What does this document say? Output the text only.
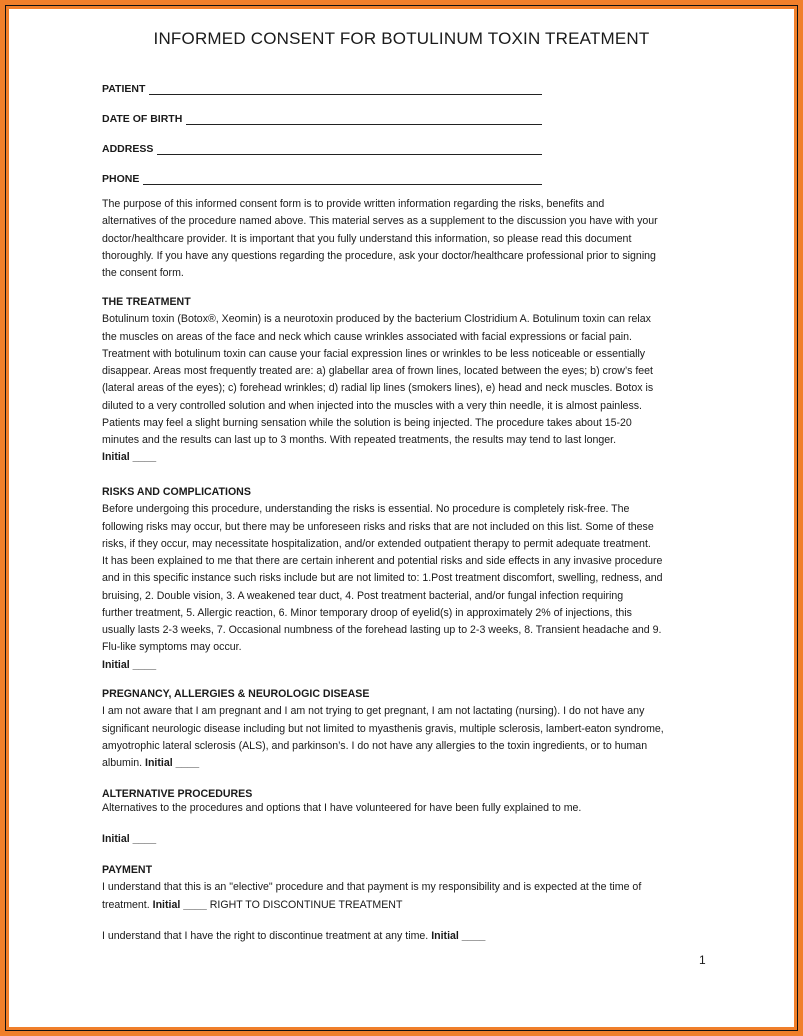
INFORMED CONSENT FOR BOTULINUM TOXIN TREATMENT
PATIENT
DATE OF BIRTH
ADDRESS
PHONE
The purpose of this informed consent form is to provide written information regarding the risks, benefits and
alternatives of the procedure named above. This material serves as a supplement to the discussion you have with your
doctor/healthcare provider. It is important that you fully understand this information, so please read this document
thoroughly. If you have any questions regarding the procedure, ask your doctor/healthcare professional prior to signing
the consent form.
THE TREATMENT
Botulinum toxin (Botox®, Xeomin) is a neurotoxin produced by the bacterium Clostridium A. Botulinum toxin can relax
the muscles on areas of the face and neck which cause wrinkles associated with facial expressions or facial pain.
Treatment with botulinum toxin can cause your facial expression lines or wrinkles to be less noticeable or essentially
disappear. Areas most frequently treated are: a) glabellar area of frown lines, located between the eyes; b) crow’s feet
(lateral areas of the eyes); c) forehead wrinkles; d) radial lip lines (smokers lines), e) head and neck muscles. Botox is
diluted to a very controlled solution and when injected into the muscles with a very thin needle, it is almost painless.
Patients may feel a slight burning sensation while the solution is being injected. The procedure takes about 15-20
minutes and the results can last up to 3 months. With repeated treatments, the results may tend to last longer.
Initial ____
RISKS AND COMPLICATIONS
Before undergoing this procedure, understanding the risks is essential. No procedure is completely risk-free. The
following risks may occur, but there may be unforeseen risks and risks that are not included on this list. Some of these
risks, if they occur, may necessitate hospitalization, and/or extended outpatient therapy to permit adequate treatment.
It has been explained to me that there are certain inherent and potential risks and side effects in any invasive procedure
and in this specific instance such risks include but are not limited to: 1.Post treatment discomfort, swelling, redness, and
bruising, 2. Double vision, 3. A weakened tear duct, 4. Post treatment bacterial, and/or fungal infection requiring
further treatment, 5. Allergic reaction, 6. Minor temporary droop of eyelid(s) in approximately 2% of injections, this
usually lasts 2-3 weeks, 7. Occasional numbness of the forehead lasting up to 2-3 weeks, 8. Transient headache and 9.
Flu-like symptoms may occur.
Initial ____
PREGNANCY, ALLERGIES & NEUROLOGIC DISEASE
I am not aware that I am pregnant and I am not trying to get pregnant, I am not lactating (nursing). I do not have any
significant neurologic disease including but not limited to myasthenis gravis, multiple sclerosis, lambert-eaton syndrome,
amyotrophic lateral sclerosis (ALS), and parkinson’s. I do not have any allergies to the toxin ingredients, or to human
albumin. Initial ____
ALTERNATIVE PROCEDURES
Alternatives to the procedures and options that I have volunteered for have been fully explained to me.
Initial ____
PAYMENT
I understand that this is an "elective" procedure and that payment is my responsibility and is expected at the time of
treatment. Initial ____ RIGHT TO DISCONTINUE TREATMENT
I understand that I have the right to discontinue treatment at any time. Initial ____
1
